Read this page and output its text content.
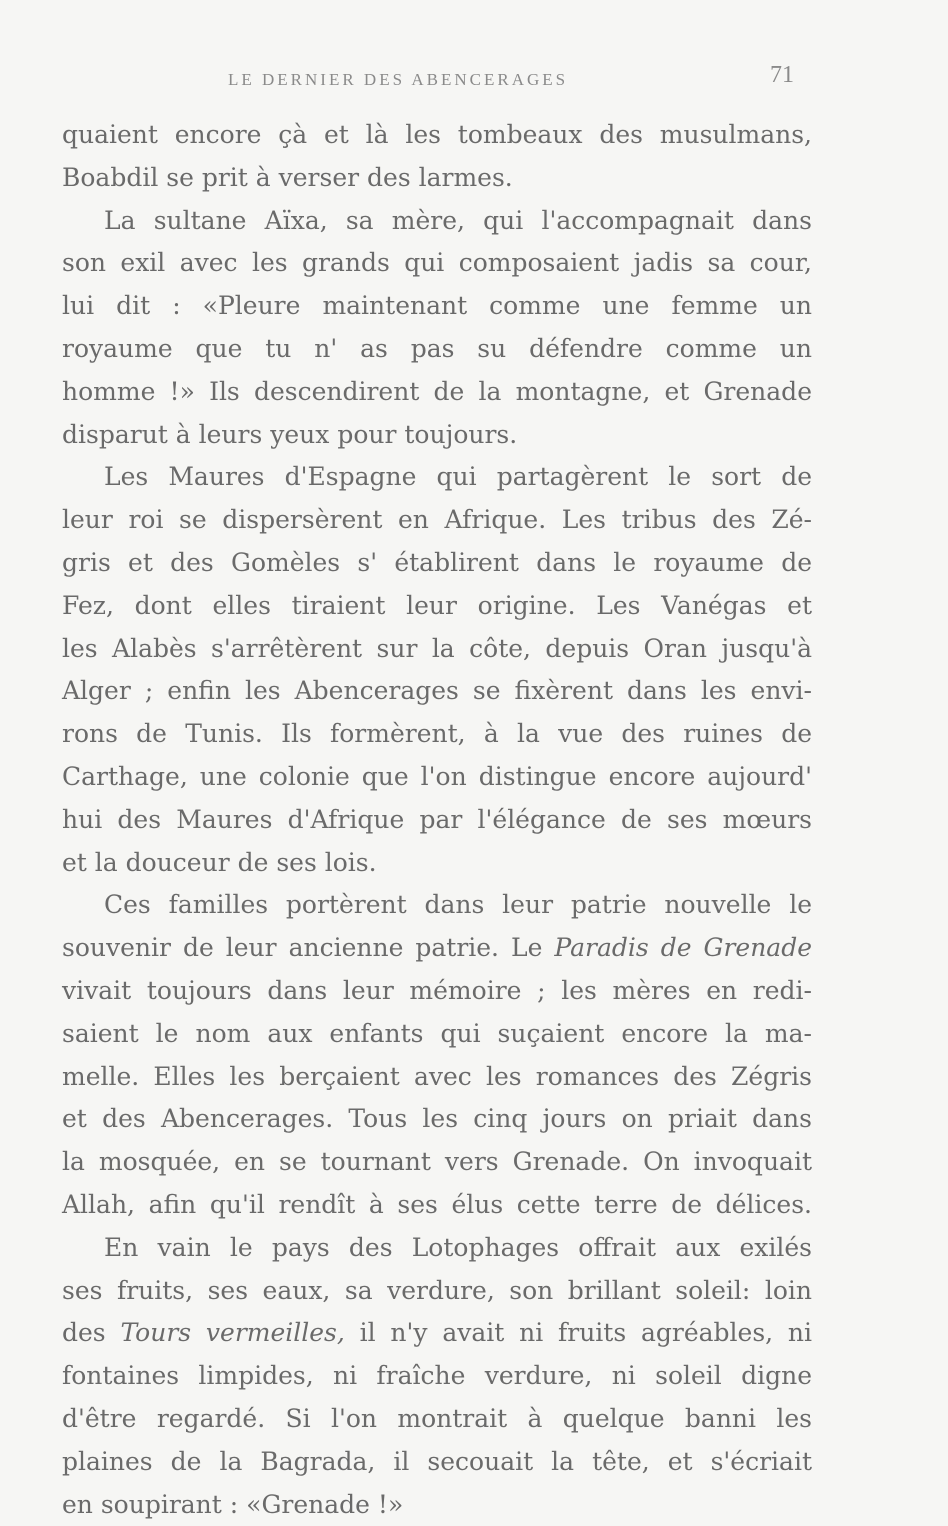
LE DERNIER DES ABENCERAGES	71
quaient encore çà et là les tombeaux des musulmans,
Boabdil se prit à verser des larmes.
La sultane Aïxa, sa mère, qui l'accompagnait dans
son exil avec les grands qui composaient jadis sa cour,
lui dit : «Pleure maintenant comme une femme un
royaume que tu n' as pas su défendre comme un
homme !» Ils descendirent de la montagne, et Grenade
disparut à leurs yeux pour toujours.
Les Maures d'Espagne qui partagèrent le sort de
leur roi se dispersèrent en Afrique. Les tribus des Zé-
gris et des Gomèles s' établirent dans le royaume de
Fez, dont elles tiraient leur origine. Les Vanégas et
les Alabès s'arrêtèrent sur la côte, depuis Oran jusqu'à
Alger ; enfin les Abencerages se fixèrent dans les envi-
rons de Tunis. Ils formèrent, à la vue des ruines de
Carthage, une colonie que l'on distingue encore aujourd'
hui des Maures d'Afrique par l'élégance de ses mœurs
et la douceur de ses lois.
Ces familles portèrent dans leur patrie nouvelle le
souvenir de leur ancienne patrie. Le Paradis de Grenade
vivait toujours dans leur mémoire ; les mères en redi-
saient le nom aux enfants qui suçaient encore la ma-
melle. Elles les berçaient avec les romances des Zégris
et des Abencerages. Tous les cinq jours on priait dans
la mosquée, en se tournant vers Grenade. On invoquait
Allah, afin qu'il rendît à ses élus cette terre de délices.
En vain le pays des Lotophages offrait aux exilés
ses fruits, ses eaux, sa verdure, son brillant soleil: loin
des Tours vermeilles, il n'y avait ni fruits agréables, ni
fontaines limpides, ni fraîche verdure, ni soleil digne
d'être regardé. Si l'on montrait à quelque banni les
plaines de la Bagrada, il secouait la tête, et s'écriait
en soupirant : «Grenade !»
